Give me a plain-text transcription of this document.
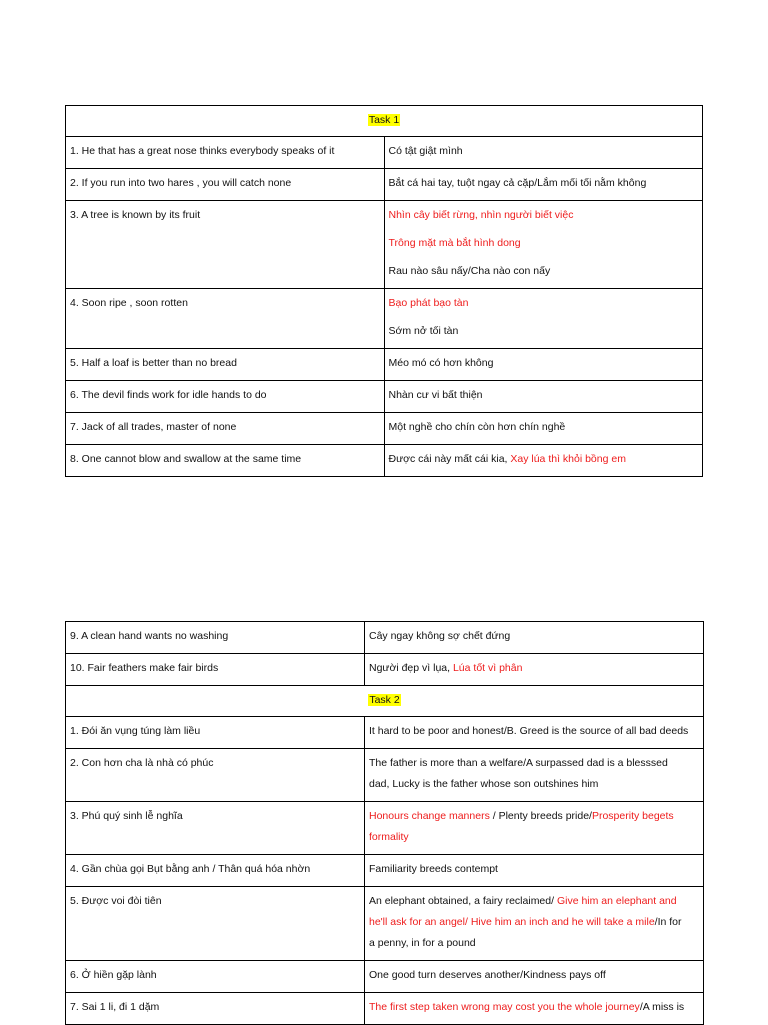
Task 1	
1. He that has a great nose thinks everybody speaks of it	Có tật giật mình
2. If you run into two hares , you will catch none	Bắt cá hai tay, tuột ngay cả cặp/Lắm mối tối nằm không
3. A tree is known by its fruit	Nhìn cây biết rừng, nhìn người biết việc
Trông mặt mà bắt hình dong
Rau nào sâu nấy/Cha nào con nấy

4. Soon ripe , soon rotten	Bạo phát bạo tàn
Sớm nở tối tàn

5. Half a loaf is better than no bread	Méo mó có hơn không
6. The devil finds work for idle hands to do	Nhàn cư vi bất thiện
7. Jack of all trades, master of none	Một nghề cho chín còn hơn chín nghề
8. One cannot blow and swallow at the same time	Được cái này mất cái kia, Xay lúa thì khỏi bồng em
9. A clean hand wants no washing	Cây ngay không sợ chết đứng
10. Fair feathers make fair birds	Người đẹp vì lụa, Lúa tốt vì phân
Task 2	
1. Đói ăn vụng túng làm liều	It hard to be poor and honest/B. Greed is the source of all bad deeds
2. Con hơn cha là nhà có phúc	The father is more than a welfare/A surpassed dad is a blesssed
dad, Lucky is the father whose son outshines him

3. Phú quý sinh lễ nghĩa	Honours change manners / Plenty breeds pride/Prosperity begets
formality

4. Gần chùa gọi Bụt bằng anh / Thân quá hóa nhờn	Familiarity breeds contempt
5. Được voi đòi tiên	An elephant obtained, a fairy reclaimed/ Give him an elephant and
he'll ask for an angel/ Hive him an inch and he will take a mile/In for
a penny, in for a pound

6. Ở hiền gặp lành	One good turn deserves another/Kindness pays off
7. Sai 1 li, đi 1 dặm	The first step taken wrong may cost you the whole journey/A miss is
